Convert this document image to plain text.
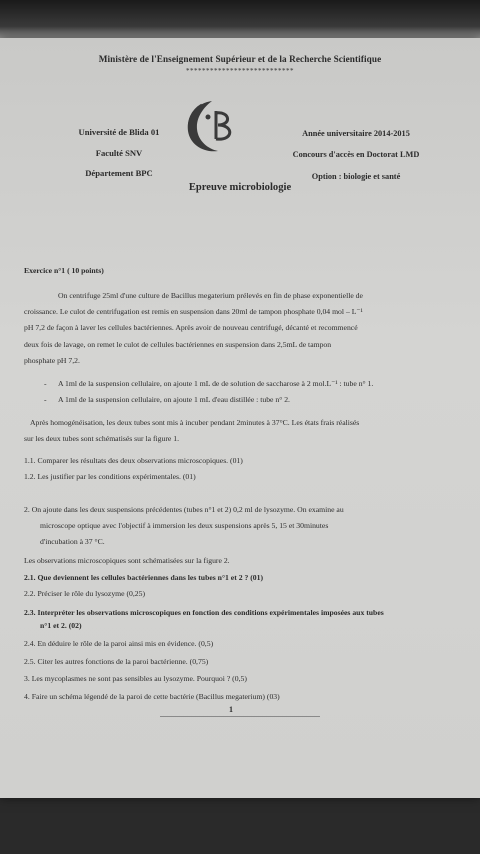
Ministère de l'Enseignement Supérieur et de la Recherche Scientifique
***************************
Université de Blida 01
Faculté SNV
Département BPC
Année universitaire 2014-2015
Concours d'accès en Doctorat LMD
Option : biologie et santé
Epreuve microbiologie
Exercice n°1 ( 10 points)
On centrifuge 25ml d'une culture de Bacillus megaterium prélevés en fin de phase exponentielle de
croissance. Le culot de centrifugation est remis en suspension dans 20ml de tampon phosphate 0,04 mol – L⁻¹
pH 7,2 de façon à laver les cellules bactériennes. Après avoir de nouveau centrifugé, décanté et recommencé
deux fois de lavage, on remet le culot de cellules bactériennes en suspension dans 2,5mL de tampon
phosphate pH 7,2.
- A 1ml de la suspension cellulaire, on ajoute 1 mL de de solution de saccharose à 2 mol.L⁻¹ : tube n° 1.
- A 1ml de la suspension cellulaire, on ajoute 1 mL d'eau distillée : tube n° 2.
Après homogénéisation, les deux tubes sont mis à incuber pendant 2minutes à 37°C. Les états frais réalisés
sur les deux tubes sont schématisés sur la figure 1.
1.1. Comparer les résultats des deux observations microscopiques. (01)
1.2. Les justifier par les conditions expérimentales. (01)
2. On ajoute dans les deux suspensions précédentes (tubes n°1 et 2) 0,2 ml de lysozyme. On examine au
microscope optique avec l'objectif à immersion les deux suspensions après 5, 15 et 30minutes
d'incubation à 37 °C.
Les observations microscopiques sont schématisées sur la figure 2.
2.1. Que deviennent les cellules bactériennes dans les tubes n°1 et 2 ? (01)
2.2. Préciser le rôle du lysozyme (0,25)
2.3. Interpréter les observations microscopiques en fonction des conditions expérimentales imposées aux tubes
n°1 et 2. (02)
2.4. En déduire le rôle de la paroi ainsi mis en évidence. (0,5)
2.5. Citer les autres fonctions de la paroi bactérienne. (0,75)
3. Les mycoplasmes ne sont pas sensibles au lysozyme. Pourquoi ? (0,5)
4. Faire un schéma légendé de la paroi de cette bactérie (Bacillus megaterium) (03)
1
